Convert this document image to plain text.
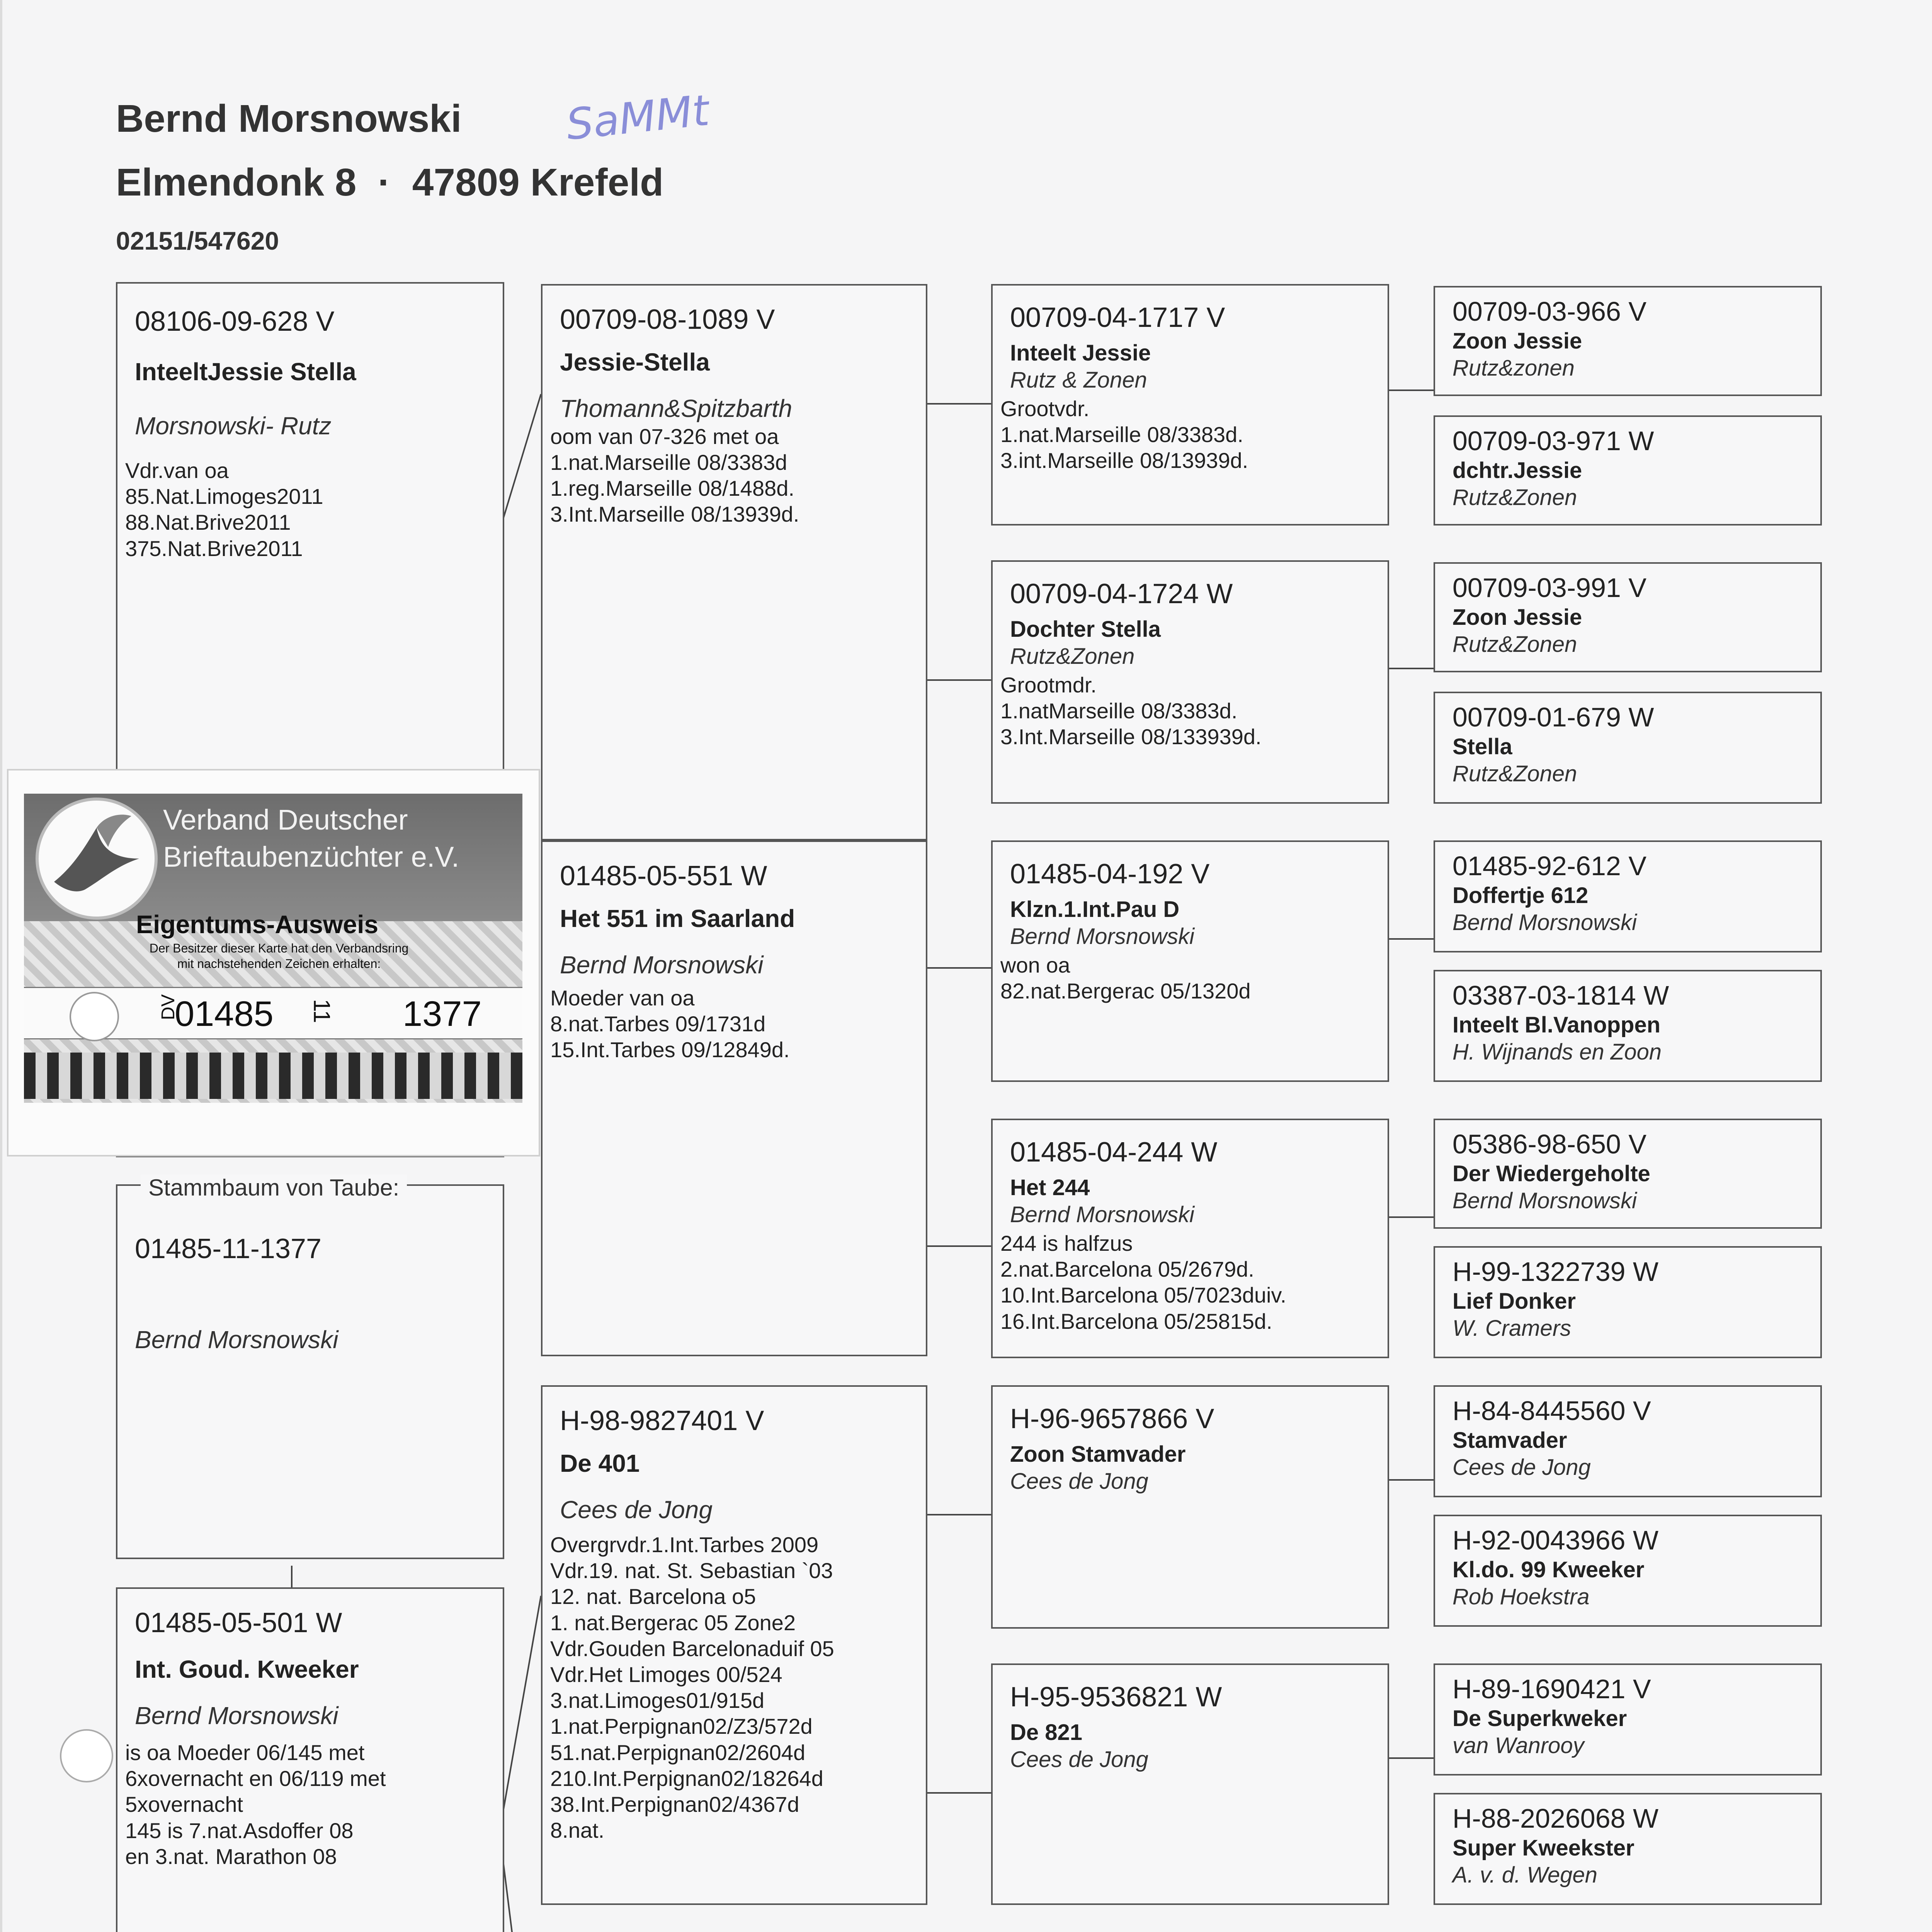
Bernd Morsnowski SaMMt
Elmendonk 8  ·  47809 Krefeld
02151/547620
08106-09-628 V
InteeltJessie Stella
Morsnowski- Rutz
Vdr.van oa
85.Nat.Limoges2011
88.Nat.Brive2011
375.Nat.Brive2011
Stammbaum von Taube:
01485-11-1377
Bernd Morsnowski
01485-05-501 W
Int. Goud. Kweeker
Bernd Morsnowski
is oa Moeder 06/145 met
6xovernacht en 06/119 met
5xovernacht
145 is 7.nat.Asdoffer 08
en 3.nat. Marathon 08
00709-08-1089 V
Jessie-Stella
Thomann&Spitzbarth
oom van 07-326 met oa
1.nat.Marseille 08/3383d
1.reg.Marseille 08/1488d.
3.Int.Marseille 08/13939d.
01485-05-551 W
Het 551 im Saarland
Bernd Morsnowski
Moeder van oa
8.nat.Tarbes 09/1731d
15.Int.Tarbes 09/12849d.
H-98-9827401 V
De 401
Cees de Jong
Overgrvdr.1.Int.Tarbes 2009
Vdr.19. nat. St. Sebastian `03
12. nat. Barcelona o5
1. nat.Bergerac 05 Zone2
Vdr.Gouden Barcelonaduif 05
Vdr.Het Limoges 00/524
3.nat.Limoges01/915d
1.nat.Perpignan02/Z3/572d
51.nat.Perpignan02/2604d
210.Int.Perpignan02/18264d
38.Int.Perpignan02/4367d
8.nat.
00709-04-1717 V
Inteelt Jessie
Rutz & Zonen
Grootvdr.
1.nat.Marseille 08/3383d.
3.int.Marseille 08/13939d.
00709-04-1724 W
Dochter Stella
Rutz&Zonen
Grootmdr.
1.natMarseille 08/3383d.
3.Int.Marseille 08/133939d.
01485-04-192 V
Klzn.1.Int.Pau D
Bernd Morsnowski
won oa
82.nat.Bergerac 05/1320d
01485-04-244 W
Het 244
Bernd Morsnowski
244 is halfzus
2.nat.Barcelona 05/2679d.
10.Int.Barcelona 05/7023duiv.
16.Int.Barcelona 05/25815d.
H-96-9657866 V
Zoon Stamvader
Cees de Jong
H-95-9536821 W
De 821
Cees de Jong
00709-03-966 V
Zoon Jessie
Rutz&zonen
00709-03-971 W
dchtr.Jessie
Rutz&Zonen
00709-03-991 V
Zoon Jessie
Rutz&Zonen
00709-01-679 W
Stella
Rutz&Zonen
01485-92-612 V
Doffertje 612
Bernd Morsnowski
03387-03-1814 W
Inteelt Bl.Vanoppen
H. Wijnands en Zoon
05386-98-650 V
Der Wiedergeholte
Bernd Morsnowski
H-99-1322739 W
Lief Donker
W. Cramers
H-84-8445560 V
Stamvader
Cees de Jong
H-92-0043966 W
Kl.do. 99 Kweeker
Rob Hoekstra
H-89-1690421 V
De Superkweker
van Wanrooy
H-88-2026068 W
Super Kweekster
A. v. d. Wegen
Verband Deutscher
Brieftaubenzüchter e.V.
Eigentums-Ausweis
Der Besitzer dieser Karte hat den Verbandsring
mit nachstehenden Zeichen erhalten:
DV
01485 11 1377
